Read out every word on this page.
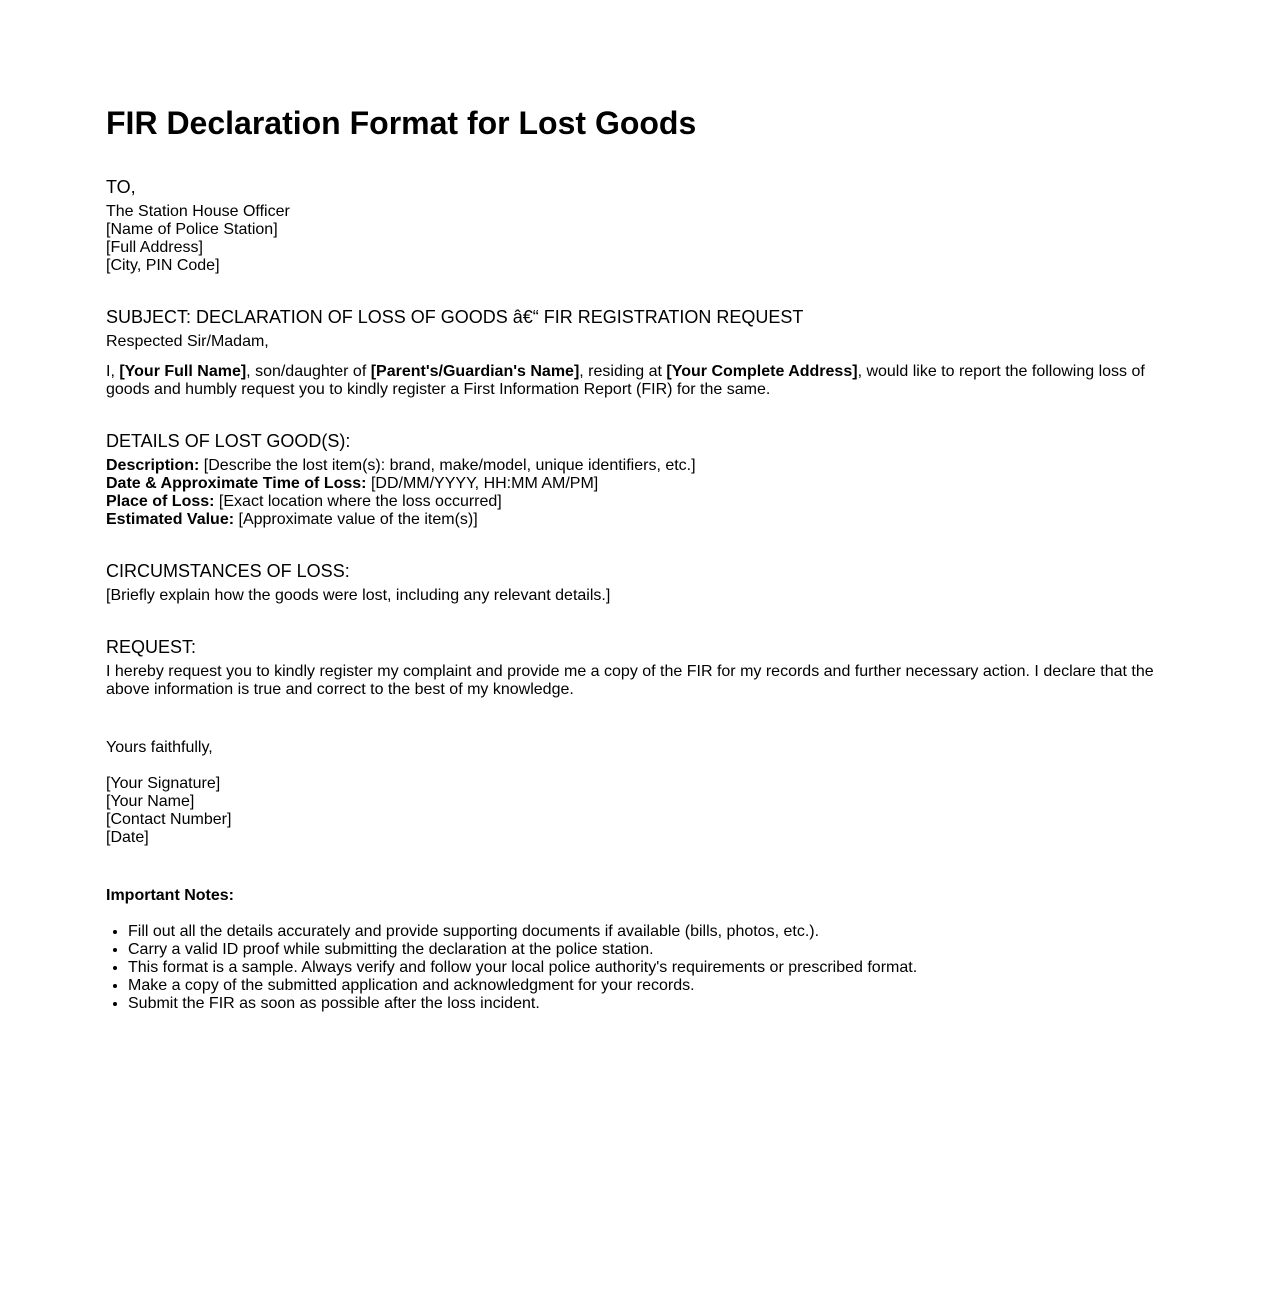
FIR Declaration Format for Lost Goods
TO,
The Station House Officer
[Name of Police Station]
[Full Address]
[City, PIN Code]
SUBJECT: DECLARATION OF LOSS OF GOODS â€“ FIR REGISTRATION REQUEST
Respected Sir/Madam,
I, [Your Full Name], son/daughter of [Parent's/Guardian's Name], residing at [Your Complete Address], would like to report the following loss of goods and humbly request you to kindly register a First Information Report (FIR) for the same.
DETAILS OF LOST GOOD(S):
Description: [Describe the lost item(s): brand, make/model, unique identifiers, etc.]
Date & Approximate Time of Loss: [DD/MM/YYYY, HH:MM AM/PM]
Place of Loss: [Exact location where the loss occurred]
Estimated Value: [Approximate value of the item(s)]
CIRCUMSTANCES OF LOSS:
[Briefly explain how the goods were lost, including any relevant details.]
REQUEST:
I hereby request you to kindly register my complaint and provide me a copy of the FIR for my records and further necessary action. I declare that the above information is true and correct to the best of my knowledge.
Yours faithfully,
[Your Signature]
[Your Name]
[Contact Number]
[Date]
Important Notes:
• Fill out all the details accurately and provide supporting documents if available (bills, photos, etc.).
• Carry a valid ID proof while submitting the declaration at the police station.
• This format is a sample. Always verify and follow your local police authority's requirements or prescribed format.
• Make a copy of the submitted application and acknowledgment for your records.
• Submit the FIR as soon as possible after the loss incident.
